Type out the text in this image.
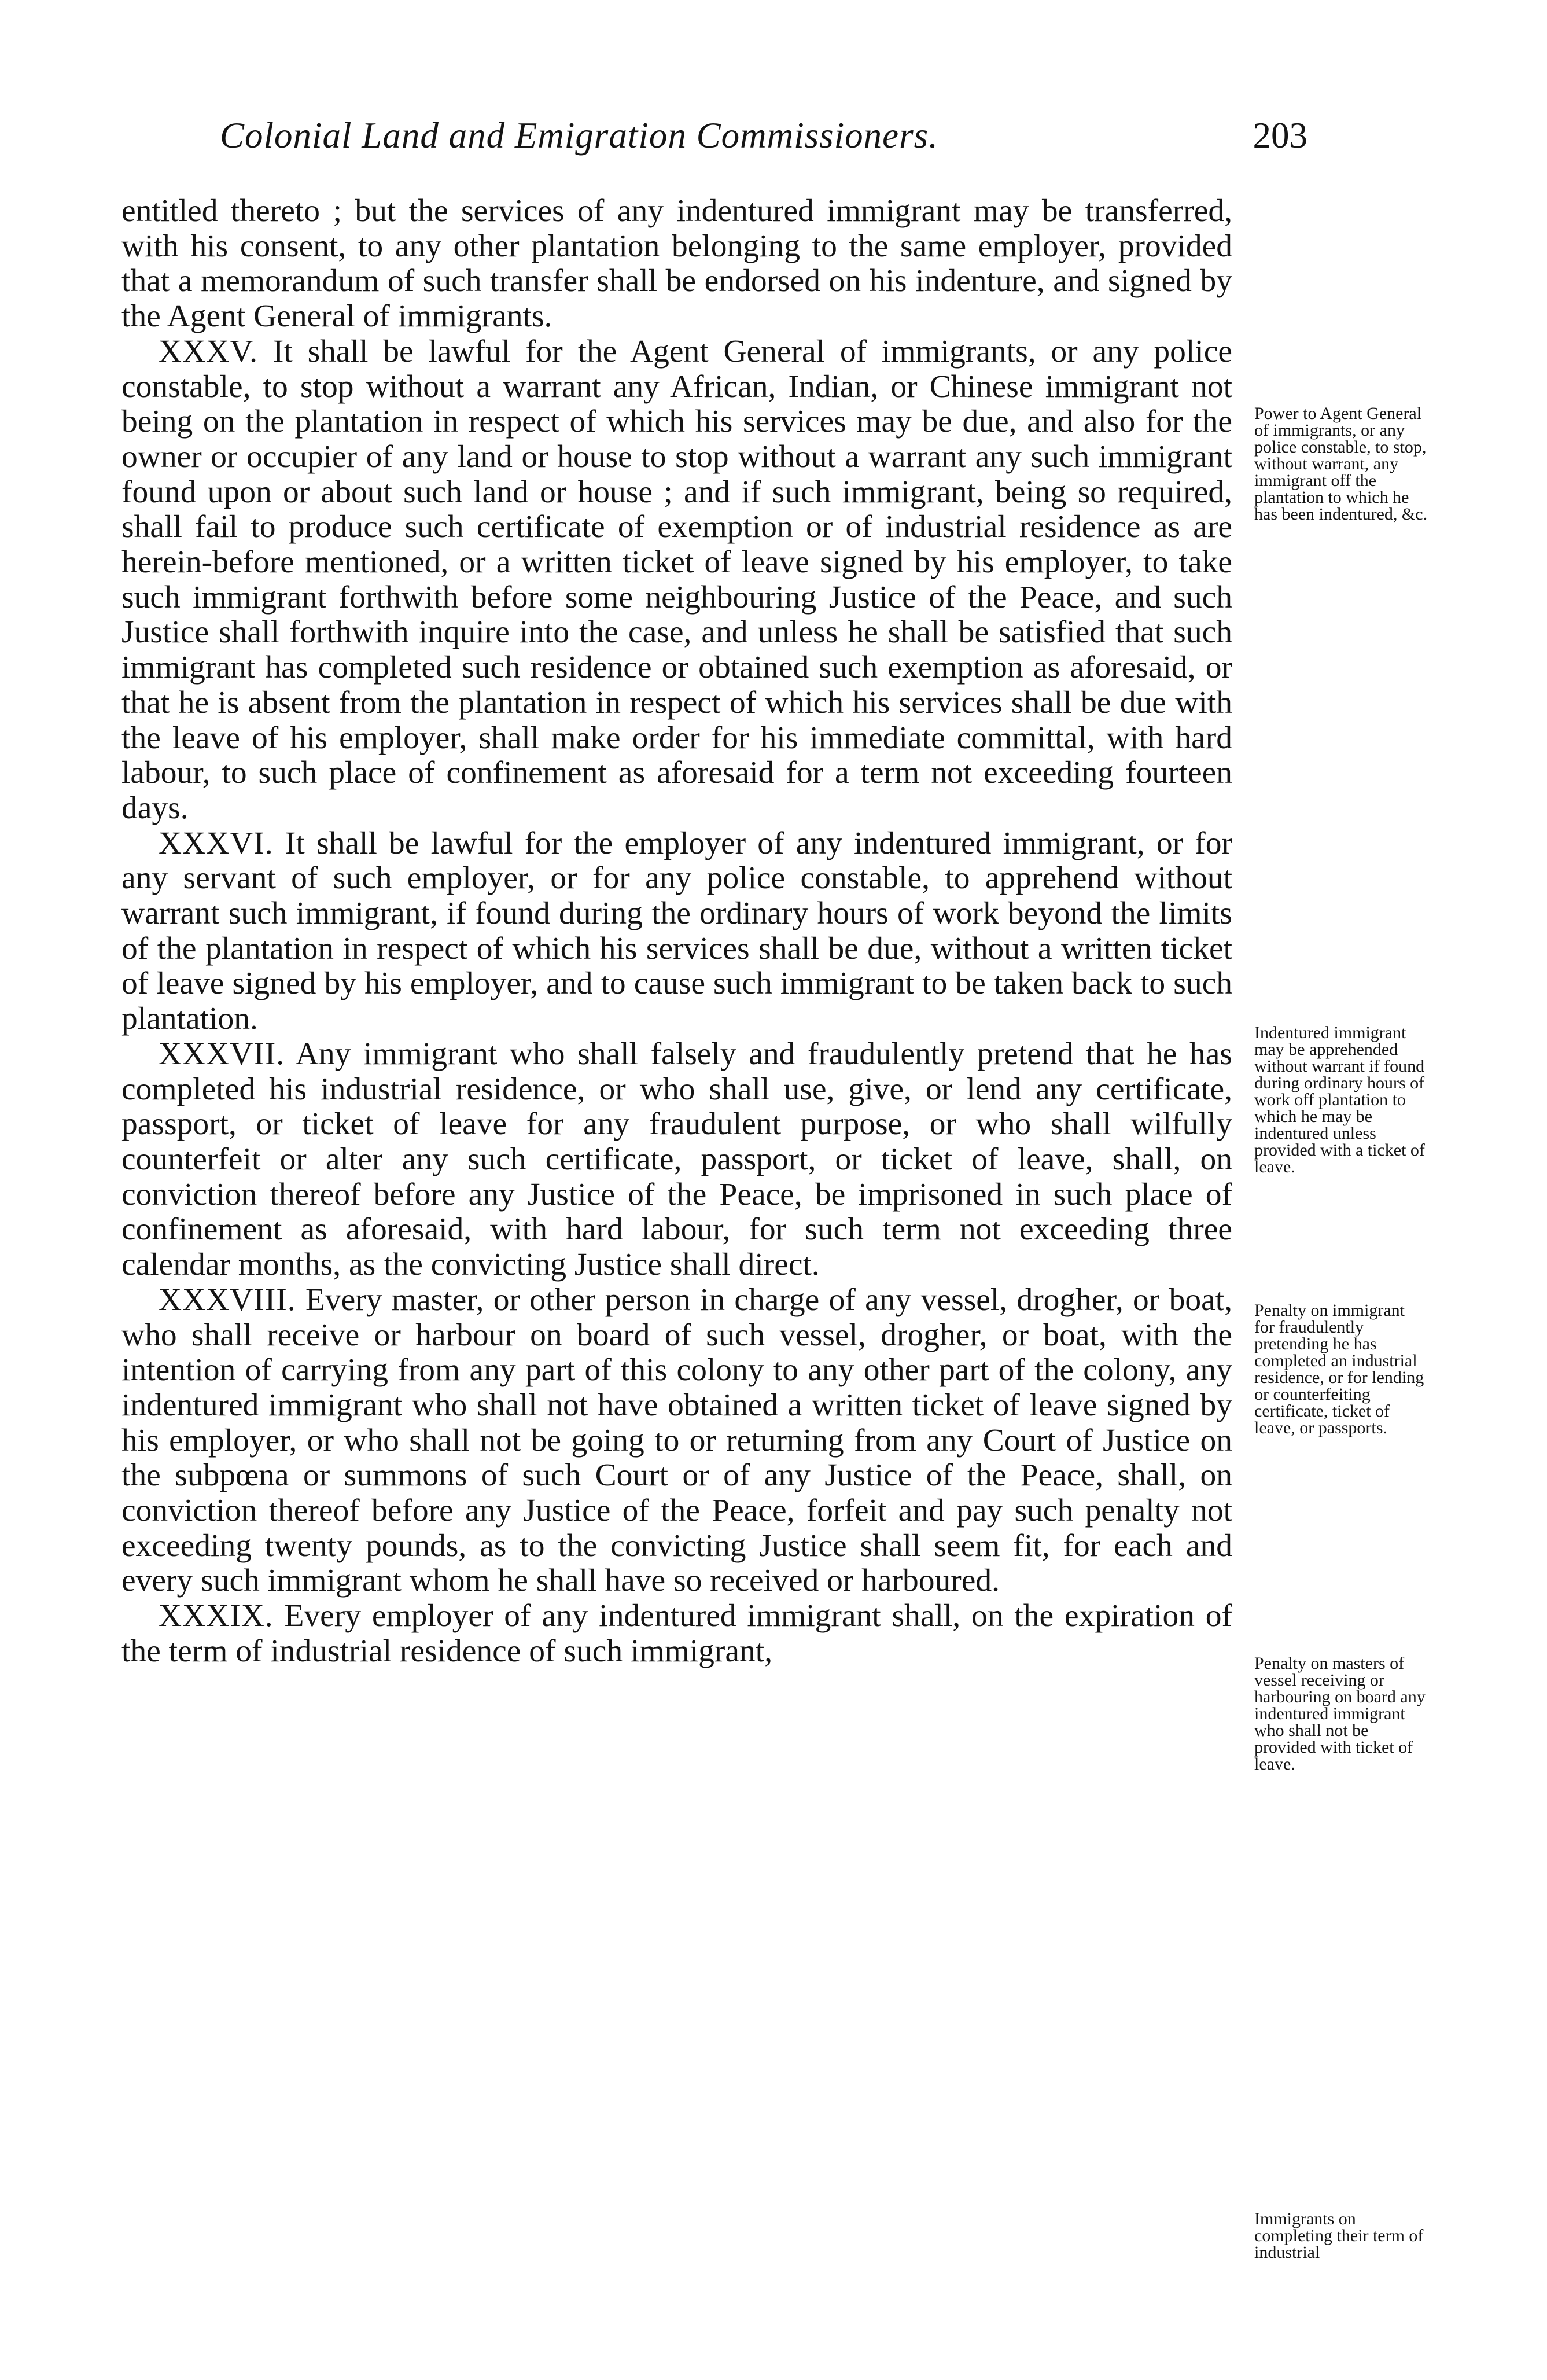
Colonial Land and Emigration Commissioners.	203

entitled thereto ; but the services of any indentured immigrant may be transferred, with his consent, to any other plantation belonging to the same employer, provided that a memorandum of such transfer shall be endorsed on his indenture, and signed by the Agent General of immigrants.

XXXV. It shall be lawful for the Agent General of immigrants, or any police constable, to stop without a warrant any African, Indian, or Chinese immigrant not being on the plantation in respect of which his services may be due, and also for the owner or occupier of any land or house to stop without a warrant any such immigrant found upon or about such land or house ; and if such immigrant, being so required, shall fail to produce such certificate of exemption or of industrial residence as are herein-before mentioned, or a written ticket of leave signed by his employer, to take such immigrant forthwith before some neighbouring Justice of the Peace, and such Justice shall forthwith inquire into the case, and unless he shall be satisfied that such immigrant has completed such residence or obtained such exemption as aforesaid, or that he is absent from the plantation in respect of which his services shall be due with the leave of his employer, shall make order for his immediate committal, with hard labour, to such place of confinement as aforesaid for a term not exceeding fourteen days.

XXXVI. It shall be lawful for the employer of any indentured immigrant, or for any servant of such employer, or for any police constable, to apprehend without warrant such immigrant, if found during the ordinary hours of work beyond the limits of the plantation in respect of which his services shall be due, without a written ticket of leave signed by his employer, and to cause such immigrant to be taken back to such plantation.

XXXVII. Any immigrant who shall falsely and fraudulently pretend that he has completed his industrial residence, or who shall use, give, or lend any certificate, passport, or ticket of leave for any fraudulent purpose, or who shall wilfully counterfeit or alter any such certificate, passport, or ticket of leave, shall, on conviction thereof before any Justice of the Peace, be imprisoned in such place of confinement as aforesaid, with hard labour, for such term not exceeding three calendar months, as the convicting Justice shall direct.

XXXVIII. Every master, or other person in charge of any vessel, drogher, or boat, who shall receive or harbour on board of such vessel, drogher, or boat, with the intention of carrying from any part of this colony to any other part of the colony, any indentured immigrant who shall not have obtained a written ticket of leave signed by his employer, or who shall not be going to or returning from any Court of Justice on the subpœna or summons of such Court or of any Justice of the Peace, shall, on conviction thereof before any Justice of the Peace, forfeit and pay such penalty not exceeding twenty pounds, as to the convicting Justice shall seem fit, for each and every such immigrant whom he shall have so received or harboured.

XXXIX. Every employer of any indentured immigrant shall, on the expiration of the term of industrial residence of such immigrant,

Power to Agent General of immigrants, or any police constable, to stop, without warrant, any immigrant off the plantation to which he has been indentured, &c.

Indentured immigrant may be apprehended without warrant if found during ordinary hours of work off plantation to which he may be indentured unless provided with a ticket of leave.

Penalty on immigrant for fraudulently pretending he has completed an industrial residence, or for lending or counterfeiting certificate, ticket of leave, or passports.

Penalty on masters of vessel receiving or harbouring on board any indentured immigrant who shall not be provided with ticket of leave.

Immigrants on completing their term of industrial
